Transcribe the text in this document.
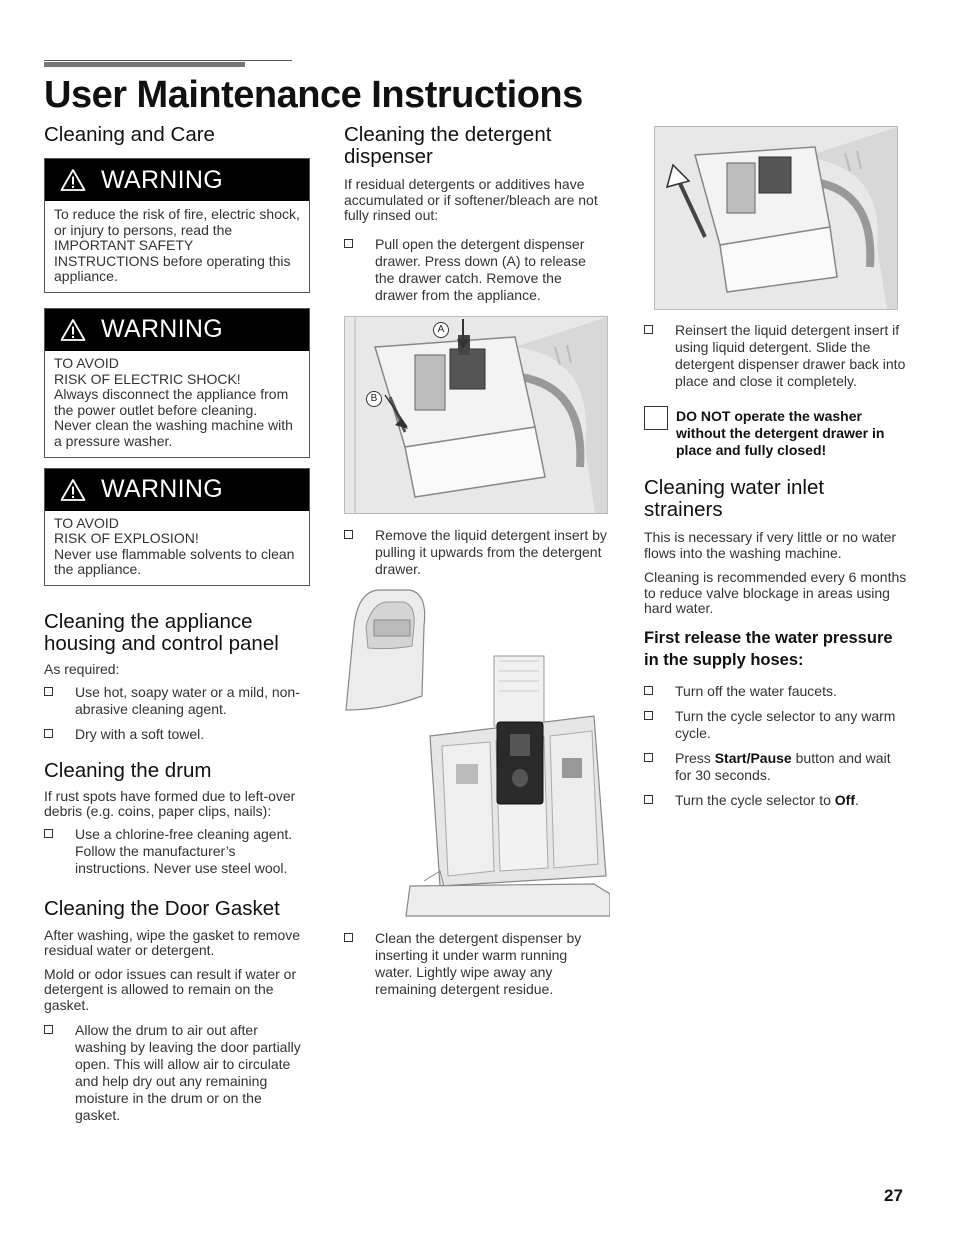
User Maintenance Instructions
Cleaning and Care
WARNING
To reduce the risk of fire, electric shock, or injury to persons, read the IMPORTANT SAFETY INSTRUCTIONS before operating this appliance.
WARNING
TO AVOID
RISK OF ELECTRIC SHOCK!
Always disconnect the appliance from the power outlet before cleaning.
Never clean the washing machine with a pressure washer.
WARNING
TO AVOID
RISK OF EXPLOSION!
Never use flammable solvents to clean the appliance.
Cleaning the appliance housing and control panel

As required:

Use hot, soapy water or a mild, non-abrasive cleaning agent.
Dry with a soft towel.
Cleaning the drum

If rust spots have formed due to left-over debris (e.g. coins, paper clips, nails):

Use a chlorine-free cleaning agent. Follow the manufacturer’s instructions. Never use steel wool.
Cleaning the Door Gasket

After washing, wipe the gasket to remove residual water or detergent.

Mold or odor issues can result if water or detergent is allowed to remain on the gasket.

Allow the drum to air out after washing by leaving the door partially open. This will allow air to circulate and help dry out any remaining moisture in the drum or on the gasket.
Cleaning the detergent dispenser

If residual detergents or additives have accumulated or if softener/bleach are not fully rinsed out:

Pull open the detergent dispenser drawer. Press down (A) to release the drawer catch. Remove the drawer from the appliance.
A
B
Remove the liquid detergent insert by pulling it upwards from the detergent drawer.
Clean the detergent dispenser by inserting it under warm running water. Lightly wipe away any remaining detergent residue.
Reinsert the liquid detergent insert if using liquid detergent. Slide the detergent dispenser drawer back into place and close it completely.
DO NOT operate the washer without the detergent drawer in place and fully closed!
Cleaning water inlet strainers

This is necessary if very little or no water flows into the washing machine.

Cleaning is recommended every 6 months to reduce valve blockage in areas using hard water.

First release the water pressure in the supply hoses:
Turn off the water faucets.
Turn the cycle selector to any warm cycle.
Press Start/Pause button and wait for 30 seconds.
Turn the cycle selector to Off.
27
